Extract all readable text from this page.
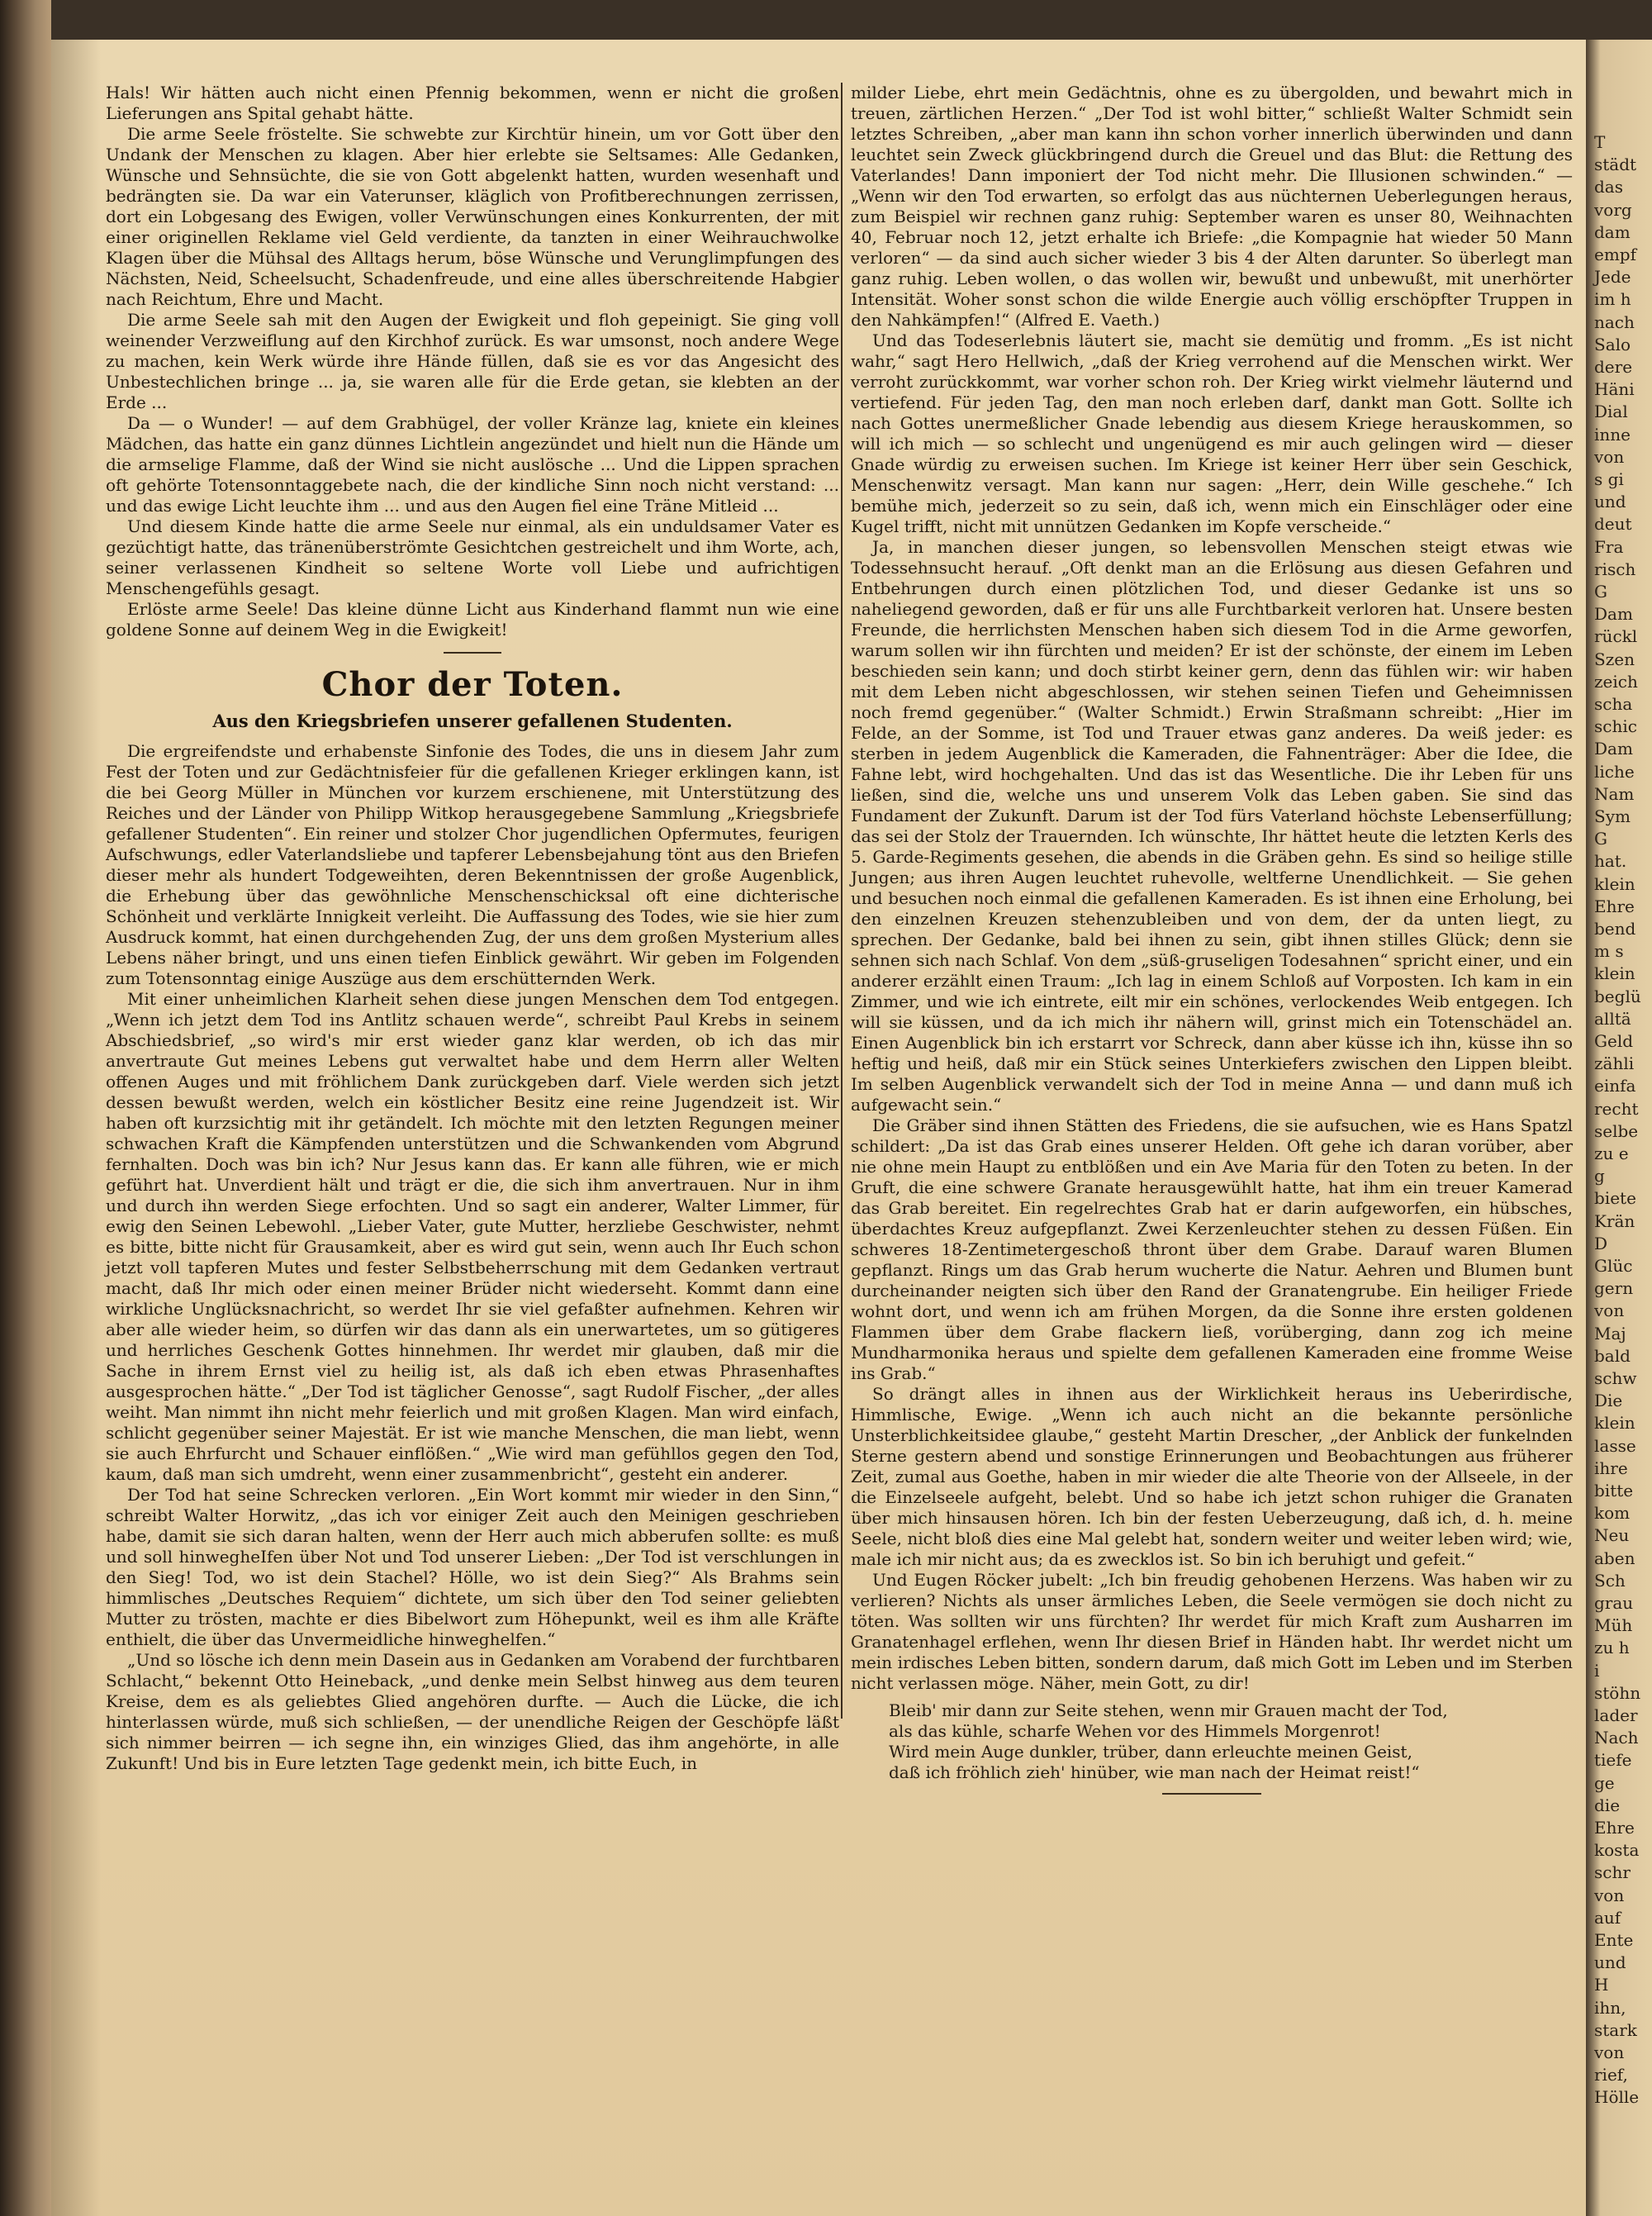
Hals! Wir hätten auch nicht einen Pfennig bekommen, wenn er nicht die großen Lieferungen ans Spital gehabt hätte.

Die arme Seele fröstelte. Sie schwebte zur Kirchtür hinein, um vor Gott über den Undank der Menschen zu klagen. Aber hier erlebte sie Seltsames: Alle Gedanken, Wünsche und Sehnsüchte, die sie von Gott abgelenkt hatten, wurden wesenhaft und bedrängten sie. Da war ein Vaterunser, kläglich von Profitberechnungen zerrissen, dort ein Lobgesang des Ewigen, voller Verwünschungen eines Konkurrenten, der mit einer originellen Reklame viel Geld verdiente, da tanzten in einer Weihrauchwolke Klagen über die Mühsal des Alltags herum, böse Wünsche und Verunglimpfungen des Nächsten, Neid, Scheelsucht, Schadenfreude, und eine alles überschreitende Habgier nach Reichtum, Ehre und Macht.

Die arme Seele sah mit den Augen der Ewigkeit und floh gepeinigt. Sie ging voll weinender Verzweiflung auf den Kirchhof zurück. Es war umsonst, noch andere Wege zu machen, kein Werk würde ihre Hände füllen, daß sie es vor das Angesicht des Unbestechlichen bringe ... ja, sie waren alle für die Erde getan, sie klebten an der Erde ...

Da — o Wunder! — auf dem Grabhügel, der voller Kränze lag, kniete ein kleines Mädchen, das hatte ein ganz dünnes Lichtlein angezündet und hielt nun die Hände um die armselige Flamme, daß der Wind sie nicht auslösche ... Und die Lippen sprachen oft gehörte Totensonntaggebete nach, die der kindliche Sinn noch nicht verstand: ... und das ewige Licht leuchte ihm ... und aus den Augen fiel eine Träne Mitleid ...

Und diesem Kinde hatte die arme Seele nur einmal, als ein unduldsamer Vater es gezüchtigt hatte, das tränenüberströmte Gesichtchen gestreichelt und ihm Worte, ach, seiner verlassenen Kindheit so seltene Worte voll Liebe und aufrichtigen Menschengefühls gesagt.

Erlöste arme Seele! Das kleine dünne Licht aus Kinderhand flammt nun wie eine goldene Sonne auf deinem Weg in die Ewigkeit!

Chor der Toten.
Aus den Kriegsbriefen unserer gefallenen Studenten.

Die ergreifendste und erhabenste Sinfonie des Todes, die uns in diesem Jahr zum Fest der Toten und zur Gedächtnisfeier für die gefallenen Krieger erklingen kann, ist die bei Georg Müller in München vor kurzem erschienene, mit Unterstützung des Reiches und der Länder von Philipp Witkop herausgegebene Sammlung „Kriegsbriefe gefallener Studenten“. Ein reiner und stolzer Chor jugendlichen Opfermutes, feurigen Aufschwungs, edler Vaterlandsliebe und tapferer Lebensbejahung tönt aus den Briefen dieser mehr als hundert Todgeweihten, deren Bekenntnissen der große Augenblick, die Erhebung über das gewöhnliche Menschenschicksal oft eine dichterische Schönheit und verklärte Innigkeit verleiht. Die Auffassung des Todes, wie sie hier zum Ausdruck kommt, hat einen durchgehenden Zug, der uns dem großen Mysterium alles Lebens näher bringt, und uns einen tiefen Einblick gewährt. Wir geben im Folgenden zum Totensonntag einige Auszüge aus dem erschütternden Werk.

Mit einer unheimlichen Klarheit sehen diese jungen Menschen dem Tod entgegen. „Wenn ich jetzt dem Tod ins Antlitz schauen werde“, schreibt Paul Krebs in seinem Abschiedsbrief, „so wird's mir erst wieder ganz klar werden, ob ich das mir anvertraute Gut meines Lebens gut verwaltet habe und dem Herrn aller Welten offenen Auges und mit fröhlichem Dank zurückgeben darf. Viele werden sich jetzt dessen bewußt werden, welch ein köstlicher Besitz eine reine Jugendzeit ist. Wir haben oft kurzsichtig mit ihr getändelt. Ich möchte mit den letzten Regungen meiner schwachen Kraft die Kämpfenden unterstützen und die Schwankenden vom Abgrund fernhalten. Doch was bin ich? Nur Jesus kann das. Er kann alle führen, wie er mich geführt hat. Unverdient hält und trägt er die, die sich ihm anvertrauen. Nur in ihm und durch ihn werden Siege erfochten. Und so sagt ein anderer, Walter Limmer, für ewig den Seinen Lebewohl. „Lieber Vater, gute Mutter, herzliebe Geschwister, nehmt es bitte, bitte nicht für Grausamkeit, aber es wird gut sein, wenn auch Ihr Euch schon jetzt voll tapferen Mutes und fester Selbstbeherrschung mit dem Gedanken vertraut macht, daß Ihr mich oder einen meiner Brüder nicht wiederseht. Kommt dann eine wirkliche Unglücksnachricht, so werdet Ihr sie viel gefaßter aufnehmen. Kehren wir aber alle wieder heim, so dürfen wir das dann als ein unerwartetes, um so gütigeres und herrliches Geschenk Gottes hinnehmen. Ihr werdet mir glauben, daß mir die Sache in ihrem Ernst viel zu heilig ist, als daß ich eben etwas Phrasenhaftes ausgesprochen hätte.“ „Der Tod ist täglicher Genosse“, sagt Rudolf Fischer, „der alles weiht. Man nimmt ihn nicht mehr feierlich und mit großen Klagen. Man wird einfach, schlicht gegenüber seiner Majestät. Er ist wie manche Menschen, die man liebt, wenn sie auch Ehrfurcht und Schauer einflößen.“ „Wie wird man gefühllos gegen den Tod, kaum, daß man sich umdreht, wenn einer zusammenbricht“, gesteht ein anderer.

Der Tod hat seine Schrecken verloren. „Ein Wort kommt mir wieder in den Sinn,“ schreibt Walter Horwitz, „das ich vor einiger Zeit auch den Meinigen geschrieben habe, damit sie sich daran halten, wenn der Herr auch mich abberufen sollte: es muß und soll hinwegheIfen über Not und Tod unserer Lieben: „Der Tod ist verschlungen in den Sieg! Tod, wo ist dein Stachel? Hölle, wo ist dein Sieg?“ Als Brahms sein himmlisches „Deutsches Requiem“ dichtete, um sich über den Tod seiner geliebten Mutter zu trösten, machte er dies Bibelwort zum Höhepunkt, weil es ihm alle Kräfte enthielt, die über das Unvermeidliche hinweghelfen.“

„Und so lösche ich denn mein Dasein aus in Gedanken am Vorabend der furchtbaren Schlacht,“ bekennt Otto Heineback, „und denke mein Selbst hinweg aus dem teuren Kreise, dem es als geliebtes Glied angehören durfte. — Auch die Lücke, die ich hinterlassen würde, muß sich schließen, — der unendliche Reigen der Geschöpfe läßt sich nimmer beirren — ich segne ihn, ein winziges Glied, das ihm angehörte, in alle Zukunft! Und bis in Eure letzten Tage gedenkt mein, ich bitte Euch, in

milder Liebe, ehrt mein Gedächtnis, ohne es zu übergolden, und bewahrt mich in treuen, zärtlichen Herzen.“ „Der Tod ist wohl bitter,“ schließt Walter Schmidt sein letztes Schreiben, „aber man kann ihn schon vorher innerlich überwinden und dann leuchtet sein Zweck glückbringend durch die Greuel und das Blut: die Rettung des Vaterlandes! Dann imponiert der Tod nicht mehr. Die Illusionen schwinden.“ — „Wenn wir den Tod erwarten, so erfolgt das aus nüchternen Ueberlegungen heraus, zum Beispiel wir rechnen ganz ruhig: September waren es unser 80, Weihnachten 40, Februar noch 12, jetzt erhalte ich Briefe: „die Kompagnie hat wieder 50 Mann verloren“ — da sind auch sicher wieder 3 bis 4 der Alten darunter. So überlegt man ganz ruhig. Leben wollen, o das wollen wir, bewußt und unbewußt, mit unerhörter Intensität. Woher sonst schon die wilde Energie auch völlig erschöpfter Truppen in den Nahkämpfen!“ (Alfred E. Vaeth.)

Und das Todeserlebnis läutert sie, macht sie demütig und fromm. „Es ist nicht wahr,“ sagt Hero Hellwich, „daß der Krieg verrohend auf die Menschen wirkt. Wer verroht zurückkommt, war vorher schon roh. Der Krieg wirkt vielmehr läuternd und vertiefend. Für jeden Tag, den man noch erleben darf, dankt man Gott. Sollte ich nach Gottes unermeßlicher Gnade lebendig aus diesem Kriege herauskommen, so will ich mich — so schlecht und ungenügend es mir auch gelingen wird — dieser Gnade würdig zu erweisen suchen. Im Kriege ist keiner Herr über sein Geschick, Menschenwitz versagt. Man kann nur sagen: „Herr, dein Wille geschehe.“ Ich bemühe mich, jederzeit so zu sein, daß ich, wenn mich ein Einschläger oder eine Kugel trifft, nicht mit unnützen Gedanken im Kopfe verscheide.“

Ja, in manchen dieser jungen, so lebensvollen Menschen steigt etwas wie Todessehnsucht herauf. „Oft denkt man an die Erlösung aus diesen Gefahren und Entbehrungen durch einen plötzlichen Tod, und dieser Gedanke ist uns so naheliegend geworden, daß er für uns alle Furchtbarkeit verloren hat. Unsere besten Freunde, die herrlichsten Menschen haben sich diesem Tod in die Arme geworfen, warum sollen wir ihn fürchten und meiden? Er ist der schönste, der einem im Leben beschieden sein kann; und doch stirbt keiner gern, denn das fühlen wir: wir haben mit dem Leben nicht abgeschlossen, wir stehen seinen Tiefen und Geheimnissen noch fremd gegenüber.“ (Walter Schmidt.) Erwin Straßmann schreibt: „Hier im Felde, an der Somme, ist Tod und Trauer etwas ganz anderes. Da weiß jeder: es sterben in jedem Augenblick die Kameraden, die Fahnenträger: Aber die Idee, die Fahne lebt, wird hochgehalten. Und das ist das Wesentliche. Die ihr Leben für uns ließen, sind die, welche uns und unserem Volk das Leben gaben. Sie sind das Fundament der Zukunft. Darum ist der Tod fürs Vaterland höchste Lebenserfüllung; das sei der Stolz der Trauernden. Ich wünschte, Ihr hättet heute die letzten Kerls des 5. Garde-Regiments gesehen, die abends in die Gräben gehn. Es sind so heilige stille Jungen; aus ihren Augen leuchtet ruhevolle, weltferne Unendlichkeit. — Sie gehen und besuchen noch einmal die gefallenen Kameraden. Es ist ihnen eine Erholung, bei den einzelnen Kreuzen stehenzubleiben und von dem, der da unten liegt, zu sprechen. Der Gedanke, bald bei ihnen zu sein, gibt ihnen stilles Glück; denn sie sehnen sich nach Schlaf. Von dem „süß-gruseligen Todesahnen“ spricht einer, und ein anderer erzählt einen Traum: „Ich lag in einem Schloß auf Vorposten. Ich kam in ein Zimmer, und wie ich eintrete, eilt mir ein schönes, verlockendes Weib entgegen. Ich will sie küssen, und da ich mich ihr nähern will, grinst mich ein Totenschädel an. Einen Augenblick bin ich erstarrt vor Schreck, dann aber küsse ich ihn, küsse ihn so heftig und heiß, daß mir ein Stück seines Unterkiefers zwischen den Lippen bleibt. Im selben Augenblick verwandelt sich der Tod in meine Anna — und dann muß ich aufgewacht sein.“

Die Gräber sind ihnen Stätten des Friedens, die sie aufsuchen, wie es Hans Spatzl schildert: „Da ist das Grab eines unserer Helden. Oft gehe ich daran vorüber, aber nie ohne mein Haupt zu entblößen und ein Ave Maria für den Toten zu beten. In der Gruft, die eine schwere Granate herausgewühlt hatte, hat ihm ein treuer Kamerad das Grab bereitet. Ein regelrechtes Grab hat er darin aufgeworfen, ein hübsches, überdachtes Kreuz aufgepflanzt. Zwei Kerzenleuchter stehen zu dessen Füßen. Ein schweres 18-Zentimetergeschoß thront über dem Grabe. Darauf waren Blumen gepflanzt. Rings um das Grab herum wucherte die Natur. Aehren und Blumen bunt durcheinander neigten sich über den Rand der Granatengrube. Ein heiliger Friede wohnt dort, und wenn ich am frühen Morgen, da die Sonne ihre ersten goldenen Flammen über dem Grabe flackern ließ, vorüberging, dann zog ich meine Mundharmonika heraus und spielte dem gefallenen Kameraden eine fromme Weise ins Grab.“

So drängt alles in ihnen aus der Wirklichkeit heraus ins Ueberirdische, Himmlische, Ewige. „Wenn ich auch nicht an die bekannte persönliche Unsterblichkeitsidee glaube,“ gesteht Martin Drescher, „der Anblick der funkelnden Sterne gestern abend und sonstige Erinnerungen und Beobachtungen aus früherer Zeit, zumal aus Goethe, haben in mir wieder die alte Theorie von der Allseele, in der die Einzelseele aufgeht, belebt. Und so habe ich jetzt schon ruhiger die Granaten über mich hinsausen hören. Ich bin der festen Ueberzeugung, daß ich, d. h. meine Seele, nicht bloß dies eine Mal gelebt hat, sondern weiter und weiter leben wird; wie, male ich mir nicht aus; da es zwecklos ist. So bin ich beruhigt und gefeit.“

Und Eugen Röcker jubelt: „Ich bin freudig gehobenen Herzens. Was haben wir zu verlieren? Nichts als unser ärmliches Leben, die Seele vermögen sie doch nicht zu töten. Was sollten wir uns fürchten? Ihr werdet für mich Kraft zum Ausharren im Granatenhagel erflehen, wenn Ihr diesen Brief in Händen habt. Ihr werdet nicht um mein irdisches Leben bitten, sondern darum, daß mich Gott im Leben und im Sterben nicht verlassen möge. Näher, mein Gott, zu dir!

Bleib' mir dann zur Seite stehen, wenn mir Grauen macht der Tod,
als das kühle, scharfe Wehen vor des Himmels Morgenrot!
Wird mein Auge dunkler, trüber, dann erleuchte meinen Geist,
daß ich fröhlich zieh' hinüber, wie man nach der Heimat reist!“
T
städt
das
vorg
dam
empf
Jede
im h
nach
Salo
dere
Häni
Dial
inne
von
s gi
und
deut
Fra
risch
G
Dam
rückl
Szen
zeich
scha
schic
Dam
liche
Nam
Sym
G
hat.
klein
Ehre
bend
m s
klein
beglü
alltä
Geld
zähli
einfa
recht
selbe
zu e
g
biete
Krän
D
Glüc
gern
von
Maj
bald
schw
Die
klein
lasse
ihre
bitte
kom
Neu
aben
Sch
grau
Müh
zu h
i
stöhn
lader
Nach
tiefe
ge
die
Ehre
kosta
schr
von
auf
Ente
und
H
ihn,
stark
von
rief,
Hölle
